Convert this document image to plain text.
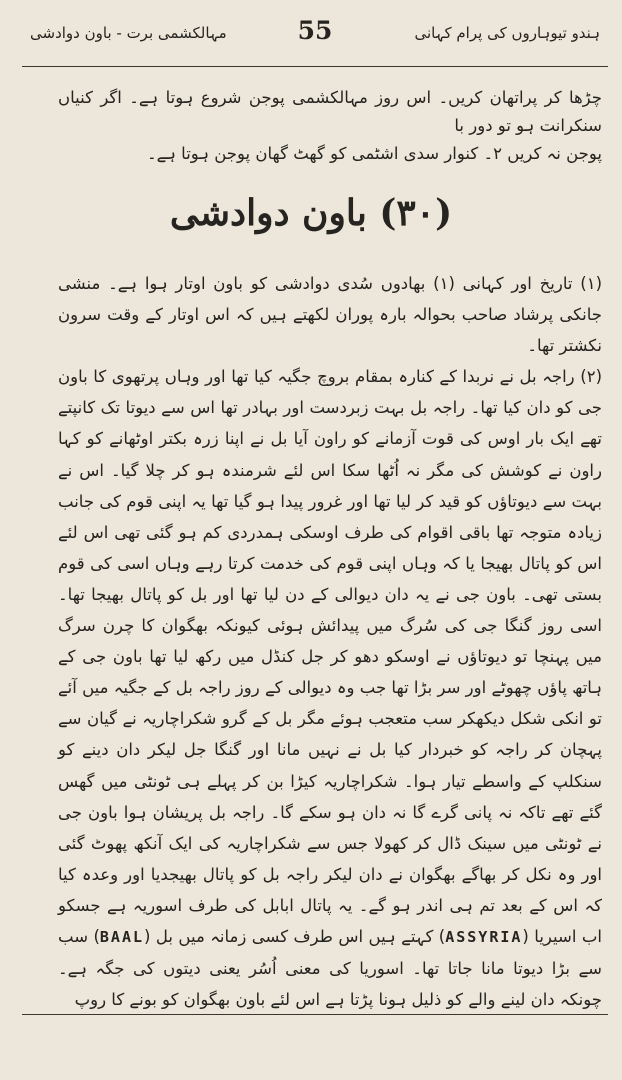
ہندو تیوہاروں کی پرام کہانی
55
مہالکشمی برت - باون دوادشی
چڑھا کر پراتھان کریں۔ اس روز مہالکشمی پوجن شروع ہوتا ہے۔ اگر کنیاں سنکرانت ہو تو دور با
پوجن نہ کریں ۲۔ کنوار سدی اشٹمی کو گھٹ گھان پوجن ہوتا ہے۔
(۳۰) باون دوادشی

(۱) تاریخ اور کہانی (۱) بھادوں سُدی دوادشی کو باون اوتار ہوا ہے۔ منشی جانکی پرشاد صاحب بحوالہ بارہ پوران لکھتے ہیں کہ اس اوتار کے وقت سرون نکشتر تھا۔

(۲) راجہ بل نے نربدا کے کنارہ بمقام بروچ جگیہ کیا تھا اور وہاں پرتھوی کا باون جی کو دان کیا تھا۔ راجہ بل بہت زبردست اور بہادر تھا اس سے دیوتا تک کانپتے تھے ایک بار اوس کی قوت آزمانے کو راون آیا بل نے اپنا زرہ بکتر اوٹھانے کو کہا راون نے کوشش کی مگر نہ اُٹھا سکا اس لئے شرمندہ ہو کر چلا گیا۔ اس نے بہت سے دیوتاؤں کو قید کر لیا تھا اور غرور پیدا ہو گیا تھا یہ اپنی قوم کی جانب زیادہ متوجہ تھا باقی اقوام کی طرف اوسکی ہمدردی کم ہو گئی تھی اس لئے اس کو پاتال بھیجا یا کہ وہاں اپنی قوم کی خدمت کرتا رہے وہاں اسی کی قوم بستی تھی۔ باون جی نے یہ دان دیوالی کے دن لیا تھا اور بل کو پاتال بھیجا تھا۔ اسی روز گنگا جی کی سُرگ میں پیدائش ہوئی کیونکہ بھگوان کا چرن سرگ میں پہنچا تو دیوتاؤں نے اوسکو دھو کر جل کنڈل میں رکھ لیا تھا باون جی کے ہاتھ پاؤں چھوٹے اور سر بڑا تھا جب وہ دیوالی کے روز راجہ بل کے جگیہ میں آئے تو انکی شکل دیکھکر سب متعجب ہوئے مگر بل کے گرو شکراچاریہ نے گیان سے پہچان کر راجہ کو خبردار کیا بل نے نہیں مانا اور گنگا جل لیکر دان دینے کو سنکلپ کے واسطے تیار ہوا۔ شکراچاریہ کیڑا بن کر پہلے ہی ٹونٹی میں گھس گئے تھے تاکہ نہ پانی گرے گا نہ دان ہو سکے گا۔ راجہ بل پریشان ہوا باون جی نے ٹونٹی میں سینک ڈال کر کھولا جس سے شکراچاریہ کی ایک آنکھ پھوٹ گئی اور وہ نکل کر بھاگے بھگوان نے دان لیکر راجہ بل کو پاتال بھیجدیا اور وعدہ کیا کہ اس کے بعد تم ہی اندر ہو گے۔ یہ پاتال ابابل کی طرف اسوریہ ہے جسکو اب اسیریا (ASSYRIA) کہتے ہیں اس طرف کسی زمانہ میں بل (BAAL) سب سے بڑا دیوتا مانا جاتا تھا۔ اسوریا کی معنی اُسُر یعنی دیتوں کی جگہ ہے۔ چونکہ دان لینے والے کو ذلیل ہونا پڑتا ہے اس لئے باون بھگوان کو بونے کا روپ
